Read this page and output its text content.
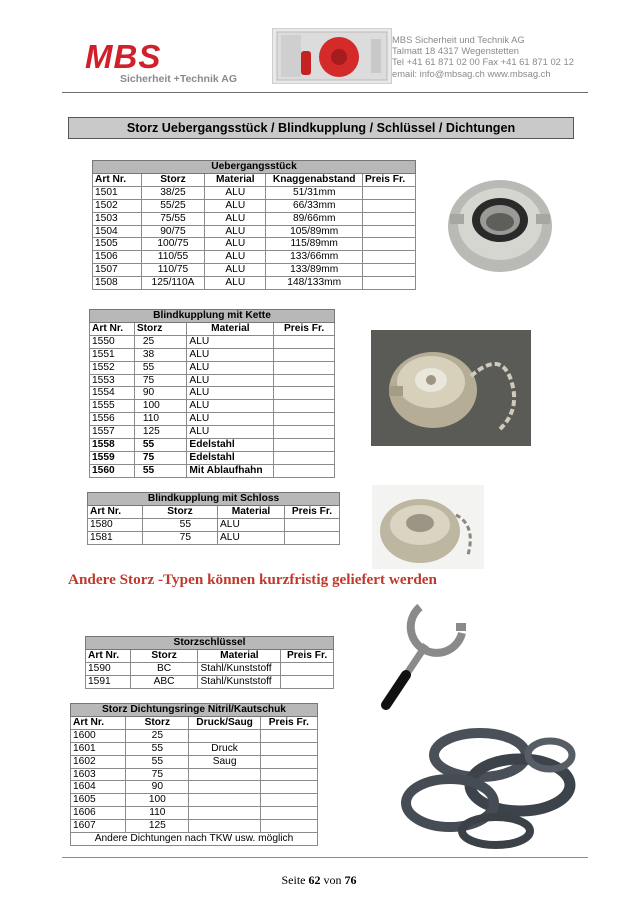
MBS
Sicherheit +Technik AG
MBS Sicherheit und Technik AG
Talmatt 18 4317 Wegenstetten
Tel +41 61 871 02 00 Fax +41 61 871 02 12
email: info@mbsag.ch www.mbsag.ch
Storz Uebergangsstück / Blindkupplung / Schlüssel / Dichtungen
Uebergangsstück				
Art Nr.	Storz	Material	Knaggenabstand	Preis Fr.
1501	38/25	ALU	51/31mm	
1502	55/25	ALU	66/33mm	
1503	75/55	ALU	89/66mm	
1504	90/75	ALU	105/89mm	
1505	100/75	ALU	115/89mm	
1506	110/55	ALU	133/66mm	
1507	110/75	ALU	133/89mm	
1508	125/110A	ALU	148/133mm	
Blindkupplung mit Kette			
Art Nr.	Storz	Material	Preis Fr.
1550	25	ALU	
1551	38	ALU	
1552	55	ALU	
1553	75	ALU	
1554	90	ALU	
1555	100	ALU	
1556	110	ALU	
1557	125	ALU	
1558	55	Edelstahl	
1559	75	Edelstahl	
1560	55	Mit Ablaufhahn	
Blindkupplung mit Schloss			
Art Nr.	Storz	Material	Preis Fr.
1580	55	ALU	
1581	75	ALU	
Andere Storz -Typen können kurzfristig geliefert werden
Storzschlüssel			
Art Nr.	Storz	Material	Preis Fr.
1590	BC	Stahl/Kunststoff	
1591	ABC	Stahl/Kunststoff	
Storz Dichtungsringe Nitril/Kautschuk			
Art Nr.	Storz	Druck/Saug	Preis Fr.
1600	25		
1601	55	Druck	
1602	55	Saug	
1603	75		
1604	90		
1605	100		
1606	110		
1607	125		
Andere Dichtungen nach TKW usw. möglich			
Seite 62 von 76
